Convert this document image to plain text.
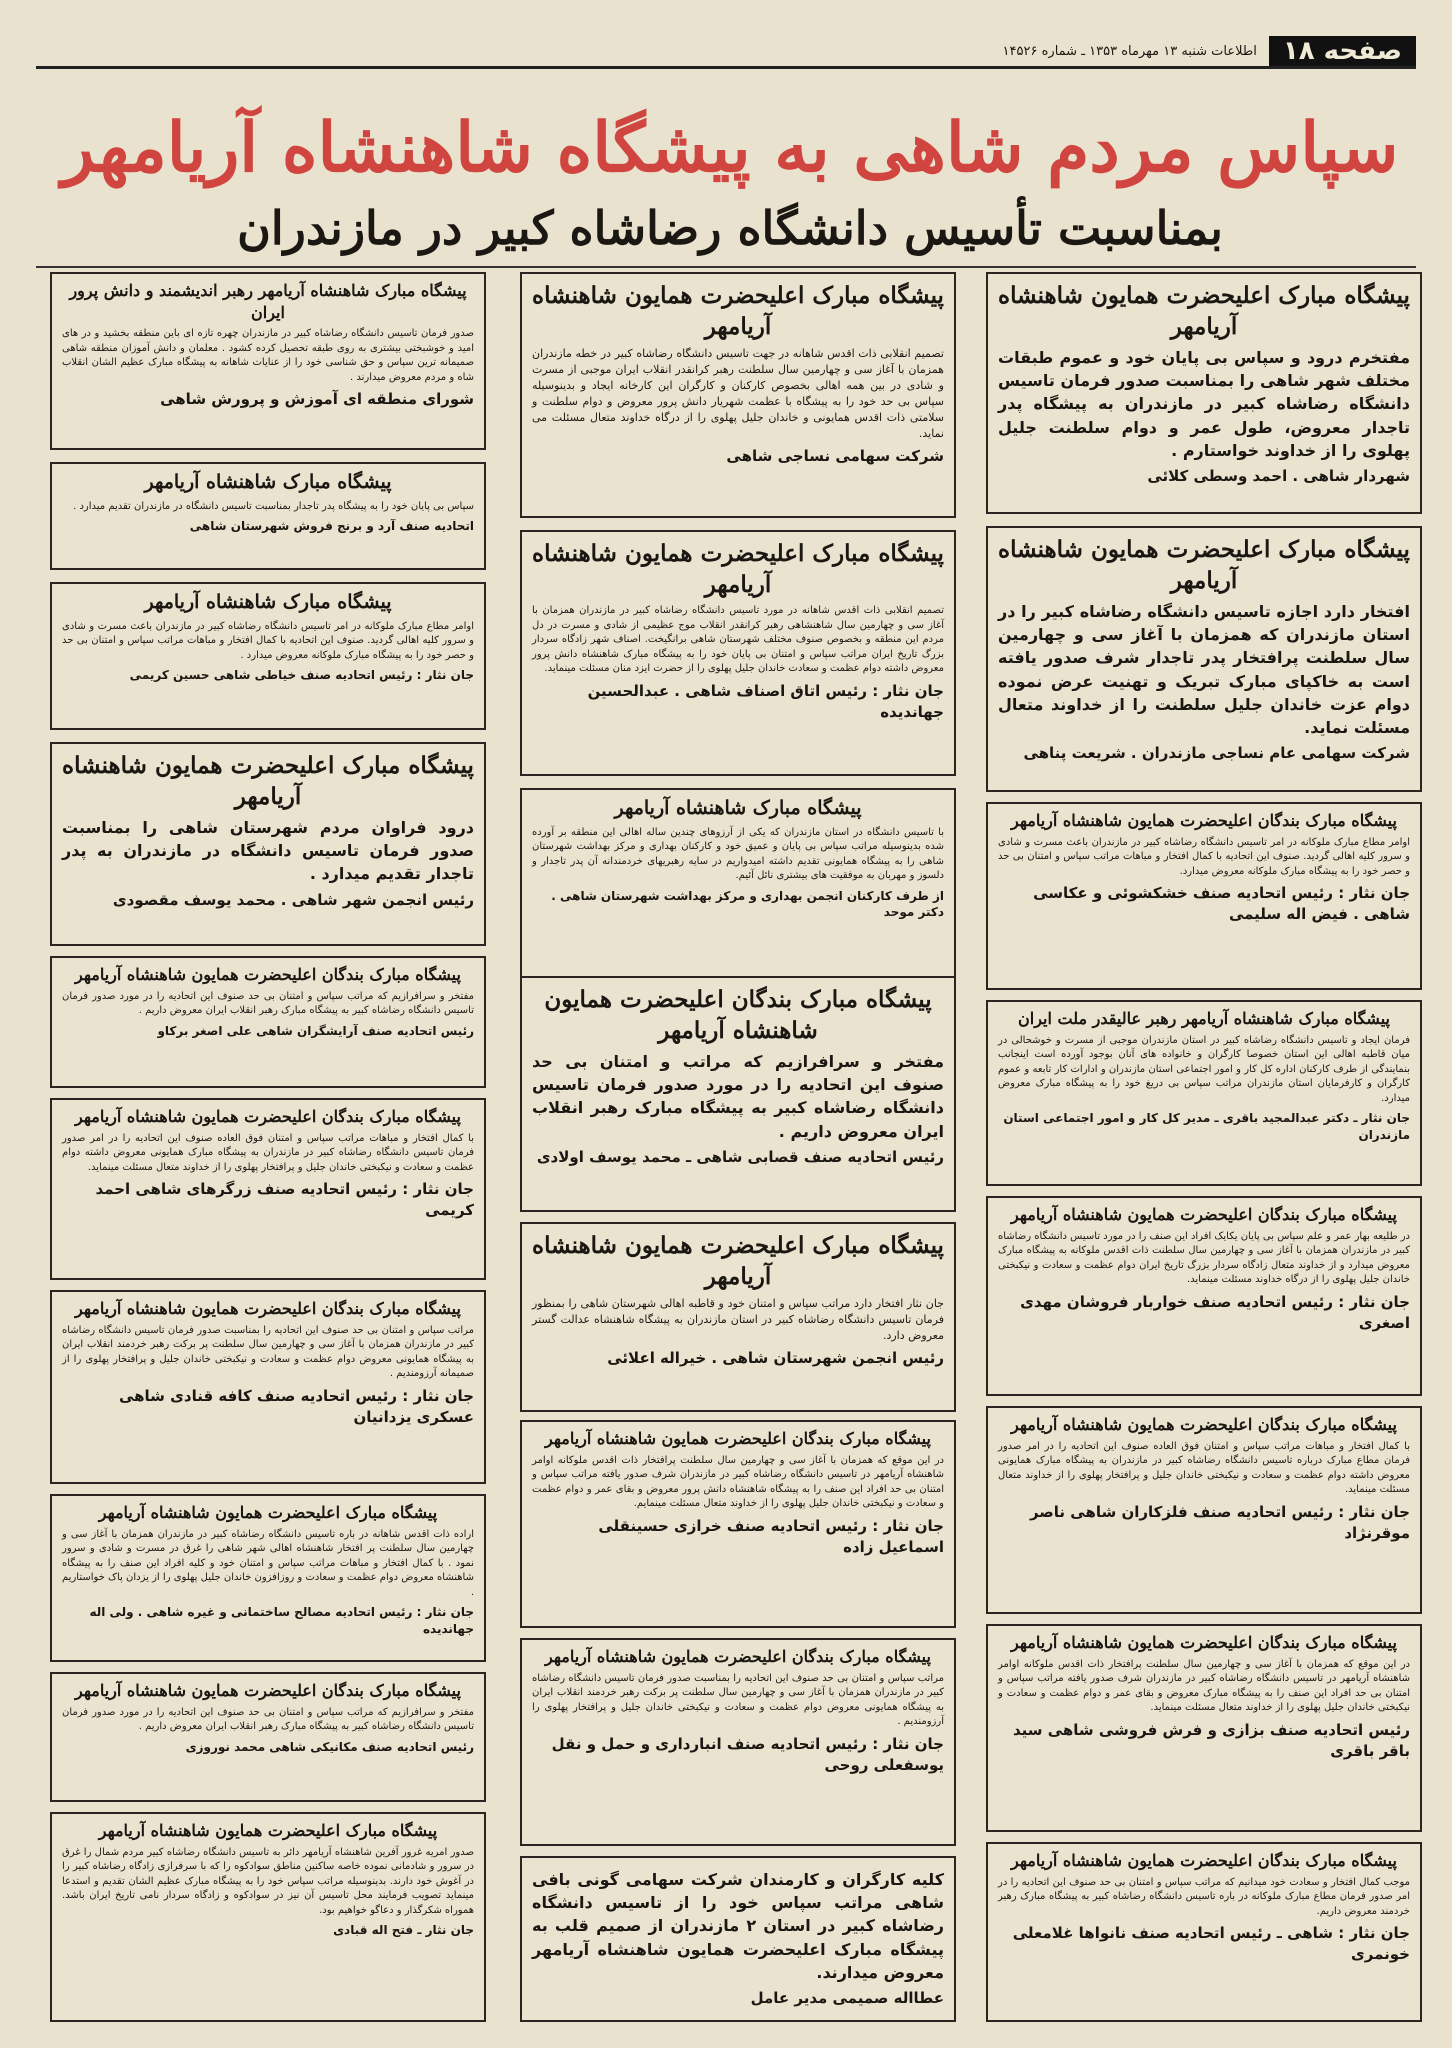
صفحه ۱۸
اطلاعات شنبه ۱۳ مهرماه ۱۳۵۳ ـ شماره ۱۴۵۲۶
سپاس مردم شاهی به پیشگاه شاهنشاه آریامهر
بمناسبت تأسیس دانشگاه رضاشاه کبیر در مازندران
پیشگاه مبارک اعلیحضرت همایون شاهنشاه آریامهر
مفتخرم درود و سپاس بی پایان خود و عموم طبقات مختلف شهر شاهی را بمناسبت صدور فرمان تاسیس دانشگاه رضاشاه کبیر در مازندران به پیشگاه پدر تاجدار معروض، طول عمر و دوام سلطنت جلیل پهلوی را از خداوند خواستارم .
شهردار شاهی . احمد وسطی کلائی
پیشگاه مبارک اعلیحضرت همایون شاهنشاه آریامهر
افتخار دارد اجازه تاسیس دانشگاه رضاشاه کبیر را در استان مازندران که همزمان با آغاز سی و چهارمین سال سلطنت پرافتخار پدر تاجدار شرف صدور یافته است به خاکپای مبارک تبریک و تهنیت عرض نموده دوام عزت خاندان جلیل سلطنت را از خداوند متعال مسئلت نماید.
شرکت سهامی عام نساجی مازندران . شریعت پناهی
پیشگاه مبارک بندگان اعلیحضرت همایون شاهنشاه آریامهر
اوامر مطاع مبارک ملوکانه در امر تاسیس دانشگاه رضاشاه کبیر در مازندران باعث مسرت و شادی و سرور کلیه اهالی گردید. صنوف این اتحادیه با کمال افتخار و مباهات مراتب سپاس و امتنان بی حد و حصر خود را به پیشگاه مبارک ملوکانه معروض میدارد.
جان نثار : رئیس اتحادیه صنف خشکشوئی و عکاسی شاهی . فیض اله سلیمی
پیشگاه مبارک شاهنشاه آریامهر رهبر عالیقدر ملت ایران
فرمان ایجاد و تاسیس دانشگاه رضاشاه کبیر در استان مازندران موجبی از مسرت و خوشحالی در میان قاطبه اهالی این استان خصوصا کارگران و خانواده های آنان بوجود آورده است اینجانب بنمایندگی از طرف کارکنان اداره کل کار و امور اجتماعی استان مازندران و ادارات کار تابعه و عموم کارگران و کارفرمایان استان مازندران مراتب سپاس بی دریغ خود را به پیشگاه مبارک معروض میدارد.
جان نثار ـ دکتر عبدالمجید باقری ـ مدیر کل کار و امور اجتماعی استان مازندران
پیشگاه مبارک بندگان اعلیحضرت همایون شاهنشاه آریامهر
در طلیعه بهار عمر و علم سپاس بی پایان یکایک افراد این صنف را در مورد تاسیس دانشگاه رضاشاه کبیر در مازندران همزمان با آغاز سی و چهارمین سال سلطنت ذات اقدس ملوکانه به پیشگاه مبارک معروض میدارد و از خداوند متعال زادگاه سردار بزرگ تاریخ ایران دوام عظمت و سعادت و نیکبختی خاندان جلیل پهلوی را از درگاه خداوند مسئلت مینماید.
جان نثار : رئیس اتحادیه صنف خواربار فروشان مهدی اصغری
پیشگاه مبارک بندگان اعلیحضرت همایون شاهنشاه آریامهر
با کمال افتخار و مباهات مراتب سپاس و امتنان فوق العاده صنوف این اتحادیه را در امر صدور فرمان مطاع مبارک درباره تاسیس دانشگاه رضاشاه کبیر در مازندران به پیشگاه مبارک همایونی معروض داشته دوام عظمت و سعادت و نیکبختی خاندان جلیل و پرافتخار پهلوی را از خداوند متعال مسئلت مینماید.
جان نثار : رئیس اتحادیه صنف فلزکاران شاهی ناصر موقرنژاد
پیشگاه مبارک بندگان اعلیحضرت همایون شاهنشاه آریامهر
در این موقع که همزمان با آغاز سی و چهارمین سال سلطنت پرافتخار ذات اقدس ملوکانه اوامر شاهنشاه آریامهر در تاسیس دانشگاه رضاشاه کبیر در مازندران شرف صدور یافته مراتب سپاس و امتنان بی حد افراد این صنف را به پیشگاه مبارک معروض و بقای عمر و دوام عظمت و سعادت و نیکبختی خاندان جلیل پهلوی را از خداوند متعال مسئلت مینماید.
رئیس اتحادیه صنف بزازی و فرش فروشی شاهی سید باقر باقری
پیشگاه مبارک بندگان اعلیحضرت همایون شاهنشاه آریامهر
موجب کمال افتخار و سعادت خود میدانیم که مراتب سپاس و امتنان بی حد صنوف این اتحادیه را در امر صدور فرمان مطاع مبارک ملوکانه در باره تاسیس دانشگاه رضاشاه کبیر به پیشگاه مبارک رهبر خردمند معروض داریم.
جان نثار : شاهی ـ رئیس اتحادیه صنف نانواها غلامعلی خونمری
پیشگاه مبارک اعلیحضرت همایون شاهنشاه آریامهر
تصمیم انقلابی ذات اقدس شاهانه در جهت تاسیس دانشگاه رضاشاه کبیر در خطه مازندران همزمان با آغاز سی و چهارمین سال سلطنت رهبر کرانقدر انقلاب ایران موجبی از مسرت و شادی در بین همه اهالی بخصوص کارکنان و کارگران این کارخانه ایجاد و بدینوسیله سپاس بی حد خود را به پیشگاه با عظمت شهریار دانش پرور معروض و دوام سلطنت و سلامتی ذات اقدس همایونی و خاندان جلیل پهلوی را از درگاه خداوند متعال مسئلت می نماید.
شرکت سهامی نساجی شاهی
پیشگاه مبارک اعلیحضرت همایون شاهنشاه آریامهر
تصمیم انقلابی ذات اقدس شاهانه در مورد تاسیس دانشگاه رضاشاه کبیر در مازندران همزمان با آغاز سی و چهارمین سال شاهنشاهی رهبر کرانقدر انقلاب موج عظیمی از شادی و مسرت در دل مردم این منطقه و بخصوص صنوف مختلف شهرستان شاهی برانگیخت. اصناف شهر زادگاه سردار بزرگ تاریخ ایران مراتب سپاس و امتنان بی پایان خود را به پیشگاه مبارک شاهنشاه دانش پرور معروض داشته دوام عظمت و سعادت خاندان جلیل پهلوی را از حضرت ایزد منان مسئلت مینماید.
جان نثار : رئیس اتاق اصناف شاهی . عبدالحسین جهاندیده
پیشگاه مبارک شاهنشاه آریامهر
با تاسیس دانشگاه در استان مازندران که یکی از آرزوهای چندین ساله اهالی این منطقه بر آورده شده بدینوسیله مراتب سپاس بی پایان و عمیق خود و کارکنان بهداری و مرکز بهداشت شهرستان شاهی را به پیشگاه همایونی تقدیم داشته امیدواریم در سایه رهبریهای خردمندانه آن پدر تاجدار و دلسوز و مهربان به موفقیت های بیشتری نائل آئیم.
از طرف کارکنان انجمن بهداری و مرکز بهداشت شهرستان شاهی . دکتر موحد
پیشگاه مبارک بندگان اعلیحضرت همایون شاهنشاه آریامهر
مفتخر و سرافرازیم که مراتب و امتنان بی حد صنوف این اتحادیه را در مورد صدور فرمان تاسیس دانشگاه رضاشاه کبیر به پیشگاه مبارک رهبر انقلاب ایران معروض داریم .
رئیس اتحادیه صنف قصابی شاهی ـ محمد یوسف اولادی
پیشگاه مبارک اعلیحضرت همایون شاهنشاه آریامهر
جان نثار افتخار دارد مراتب سپاس و امتنان خود و قاطبه اهالی شهرستان شاهی را بمنظور فرمان تاسیس دانشگاه رضاشاه کبیر در استان مازندران به پیشگاه شاهنشاه عدالت گستر معروض دارد.
رئیس انجمن شهرستان شاهی . خیراله اعلائی
پیشگاه مبارک بندگان اعلیحضرت همایون شاهنشاه آریامهر
در این موقع که همزمان با آغاز سی و چهارمین سال سلطنت پرافتخار ذات اقدس ملوکانه اوامر شاهنشاه آریامهر در تاسیس دانشگاه رضاشاه کبیر در مازندران شرف صدور یافته مراتب سپاس و امتنان بی حد افراد این صنف را به پیشگاه شاهنشاه دانش پرور معروض و بقای عمر و دوام عظمت و سعادت و نیکبختی خاندان جلیل پهلوی را از خداوند متعال مسئلت مینمایم.
جان نثار : رئیس اتحادیه صنف خرازی حسینقلی اسماعیل زاده
پیشگاه مبارک بندگان اعلیحضرت همایون شاهنشاه آریامهر
مراتب سپاس و امتنان بی حد صنوف این اتحادیه را بمناسبت صدور فرمان تاسیس دانشگاه رضاشاه کبیر در مازندران همزمان با آغاز سی و چهارمین سال سلطنت پر برکت رهبر خردمند انقلاب ایران به پیشگاه همایونی معروض دوام عظمت و سعادت و نیکبختی خاندان جلیل و پرافتخار پهلوی را آرزومندیم .
جان نثار : رئیس اتحادیه صنف انبارداری و حمل و نقل یوسفعلی روحی
کلیه کارگران و کارمندان شرکت سهامی گونی بافی شاهی مراتب سپاس خود را از تاسیس دانشگاه رضاشاه کبیر در استان ۲ مازندران از صمیم قلب به پیشگاه مبارک اعلیحضرت همایون شاهنشاه آریامهر معروض میدارند.
عطااله صمیمی مدیر عامل
پیشگاه مبارک شاهنشاه آریامهر رهبر اندیشمند و دانش پرور ایران
صدور فرمان تاسیس دانشگاه رضاشاه کبیر در مازندران چهره تازه ای باین منطقه بخشید و در های امید و خوشبختی بیشتری به روی طبقه تحصیل کرده کشود . معلمان و دانش آموزان منطقه شاهی صمیمانه ترین سپاس و حق شناسی خود را از عنایات شاهانه به پیشگاه مبارک عظیم الشان انقلاب شاه و مردم معروض میدارند .
شورای منطقه ای آموزش و پرورش شاهی
پیشگاه مبارک شاهنشاه آریامهر
سپاس بی پایان خود را به پیشگاه پدر تاجدار بمناسبت تاسیس دانشگاه در مازندران تقدیم میدارد .
اتحادیه صنف آرد و برنج فروش شهرستان شاهی
پیشگاه مبارک شاهنشاه آریامهر
اوامر مطاع مبارک ملوکانه در امر تاسیس دانشگاه رضاشاه کبیر در مازندران باعث مسرت و شادی و سرور کلیه اهالی گردید. صنوف این اتحادیه با کمال افتخار و مباهات مراتب سپاس و امتنان بی حد و حصر خود را به پیشگاه مبارک ملوکانه معروض میدارد .
جان نثار : رئیس اتحادیه صنف خیاطی شاهی حسین کریمی
پیشگاه مبارک اعلیحضرت همایون شاهنشاه آریامهر
درود فراوان مردم شهرستان شاهی را بمناسبت صدور فرمان تاسیس دانشگاه در مازندران به پدر تاجدار تقدیم میدارد .
رئیس انجمن شهر شاهی . محمد یوسف مقصودی
پیشگاه مبارک بندگان اعلیحضرت همایون شاهنشاه آریامهر
مفتخر و سرافرازیم که مراتب سپاس و امتنان بی حد صنوف این اتحادیه را در مورد صدور فرمان تاسیس دانشگاه رضاشاه کبیر به پیشگاه مبارک رهبر انقلاب ایران معروض داریم .
رئیس اتحادیه صنف آرایشگران شاهی علی اصغر برکاو
پیشگاه مبارک بندگان اعلیحضرت همایون شاهنشاه آریامهر
با کمال افتخار و مباهات مراتب سپاس و امتنان فوق العاده صنوف این اتحادیه را در امر صدور فرمان تاسیس دانشگاه رضاشاه کبیر در مازندران به پیشگاه مبارک همایونی معروض داشته دوام عظمت و سعادت و نیکبختی خاندان جلیل و پرافتخار پهلوی را از خداوند متعال مسئلت مینماید.
جان نثار : رئیس اتحادیه صنف زرگرهای شاهی احمد کریمی
پیشگاه مبارک بندگان اعلیحضرت همایون شاهنشاه آریامهر
مراتب سپاس و امتنان بی حد صنوف این اتحادیه را بمناسبت صدور فرمان تاسیس دانشگاه رضاشاه کبیر در مازندران همزمان با آغاز سی و چهارمین سال سلطنت پر برکت رهبر خردمند انقلاب ایران به پیشگاه همایونی معروض دوام عظمت و سعادت و نیکبختی خاندان جلیل و پرافتخار پهلوی را از صمیمانه آرزومندیم .
جان نثار : رئیس اتحادیه صنف کافه قنادی شاهی عسکری یزدانیان
پیشگاه مبارک اعلیحضرت همایون شاهنشاه آریامهر
اراده ذات اقدس شاهانه در باره تاسیس دانشگاه رضاشاه کبیر در مازندران همزمان با آغاز سی و چهارمین سال سلطنت پر افتخار شاهنشاه اهالی شهر شاهی را غرق در مسرت و شادی و سرور نمود . با کمال افتخار و مباهات مراتب سپاس و امتنان خود و کلیه افراد این صنف را به پیشگاه شاهنشاه معروض دوام عظمت و سعادت و روزافزون خاندان جلیل پهلوی را از یزدان پاک خواستاریم .
جان نثار : رئیس اتحادیه مصالح ساختمانی و غیره شاهی . ولی اله جهاندیده
پیشگاه مبارک بندگان اعلیحضرت همایون شاهنشاه آریامهر
مفتخر و سرافرازیم که مراتب سپاس و امتنان بی حد صنوف این اتحادیه را در مورد صدور فرمان تاسیس دانشگاه رضاشاه کبیر به پیشگاه مبارک رهبر انقلاب ایران معروض داریم .
رئیس اتحادیه صنف مکانیکی شاهی محمد نوروزی
پیشگاه مبارک اعلیحضرت همایون شاهنشاه آریامهر
صدور امریه غرور آفرین شاهنشاه آریامهر دائر به تاسیس دانشگاه رضاشاه کبیر مردم شمال را غرق در سرور و شادمانی نموده خاصه ساکنین مناطق سوادکوه را که با سرفرازی زادگاه رضاشاه کبیر را در آغوش خود دارند. بدینوسیله مراتب سپاس خود را به پیشگاه مبارک عظیم الشان تقدیم و استدعا مینماید تصویب فرمایند محل تاسیس آن نیز در سوادکوه و زادگاه سردار نامی تاریخ ایران باشد. هموراه شکرگذار و دعاگو خواهیم بود.
جان نثار ـ فتح اله قبادی
